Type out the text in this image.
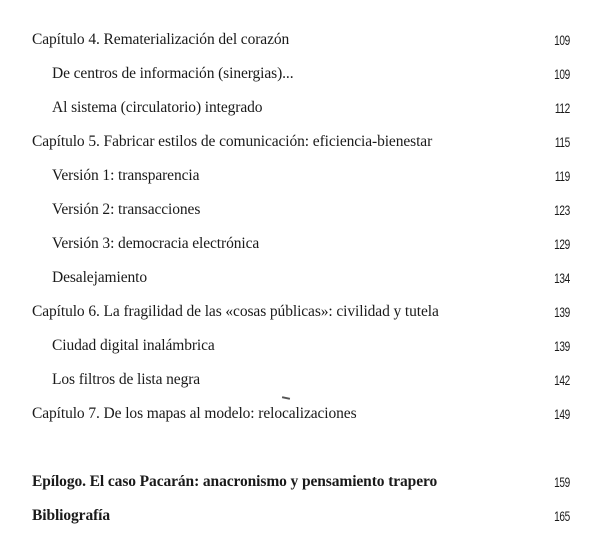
Capítulo 4. Rematerialización del corazón	109
De centros de información (sinergias)...	109
Al sistema (circulatorio) integrado	112
Capítulo 5. Fabricar estilos de comunicación: eficiencia-bienestar	115
Versión 1: transparencia	119
Versión 2: transacciones	123
Versión 3: democracia electrónica	129
Desalejamiento	134
Capítulo 6. La fragilidad de las «cosas públicas»: civilidad y tutela	139
Ciudad digital inalámbrica	139
Los filtros de lista negra	142
Capítulo 7. De los mapas al modelo: relocalizaciones	149
Epílogo. El caso Pacarán: anacronismo y pensamiento trapero	159
Bibliografía	165
